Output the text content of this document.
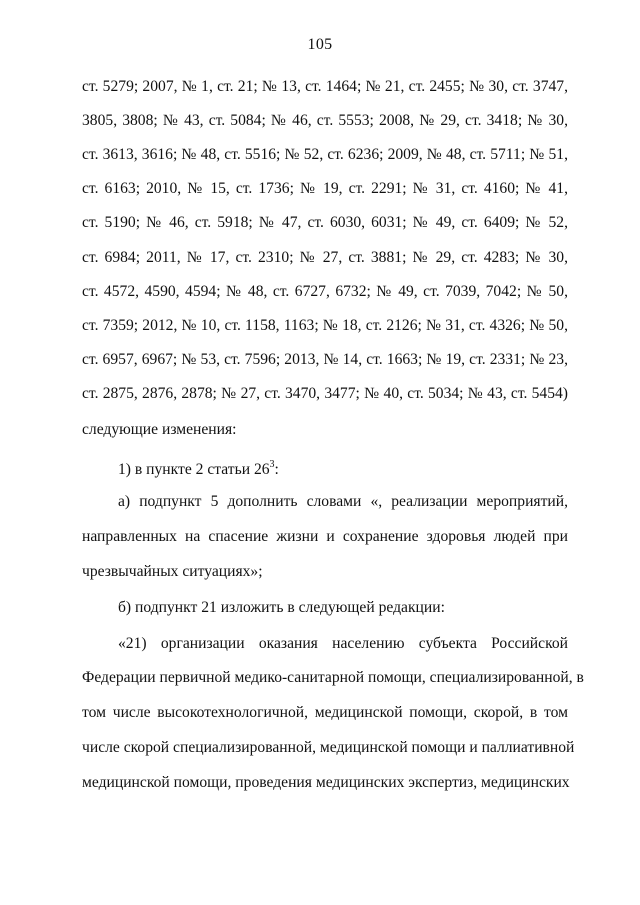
105
ст. 5279; 2007, № 1, ст. 21; № 13, ст. 1464; № 21, ст. 2455; № 30, ст. 3747,
3805, 3808; № 43, ст. 5084; № 46, ст. 5553; 2008, № 29, ст. 3418; № 30,
ст. 3613, 3616; № 48, ст. 5516; № 52, ст. 6236; 2009, № 48, ст. 5711; № 51,
ст. 6163; 2010, № 15, ст. 1736; № 19, ст. 2291; № 31, ст. 4160; № 41,
ст. 5190; № 46, ст. 5918; № 47, ст. 6030, 6031; № 49, ст. 6409; № 52,
ст. 6984; 2011, № 17, ст. 2310; № 27, ст. 3881; № 29, ст. 4283; № 30,
ст. 4572, 4590, 4594; № 48, ст. 6727, 6732; № 49, ст. 7039, 7042; № 50,
ст. 7359; 2012, № 10, ст. 1158, 1163; № 18, ст. 2126; № 31, ст. 4326; № 50,
ст. 6957, 6967; № 53, ст. 7596; 2013, № 14, ст. 1663; № 19, ст. 2331; № 23,
ст. 2875, 2876, 2878; № 27, ст. 3470, 3477; № 40, ст. 5034; № 43, ст. 5454)
следующие изменения:
1) в пункте 2 статьи $26^3$:
а) подпункт 5 дополнить словами «, реализации мероприятий,
направленных на спасение жизни и сохранение здоровья людей при
чрезвычайных ситуациях»;
б) подпункт 21 изложить в следующей редакции:
«21) организации оказания населению субъекта Российской
Федерации первичной медико-санитарной помощи, специализированной, в
том числе высокотехнологичной, медицинской помощи, скорой, в том
числе скорой специализированной, медицинской помощи и паллиативной
медицинской помощи, проведения медицинских экспертиз, медицинских
